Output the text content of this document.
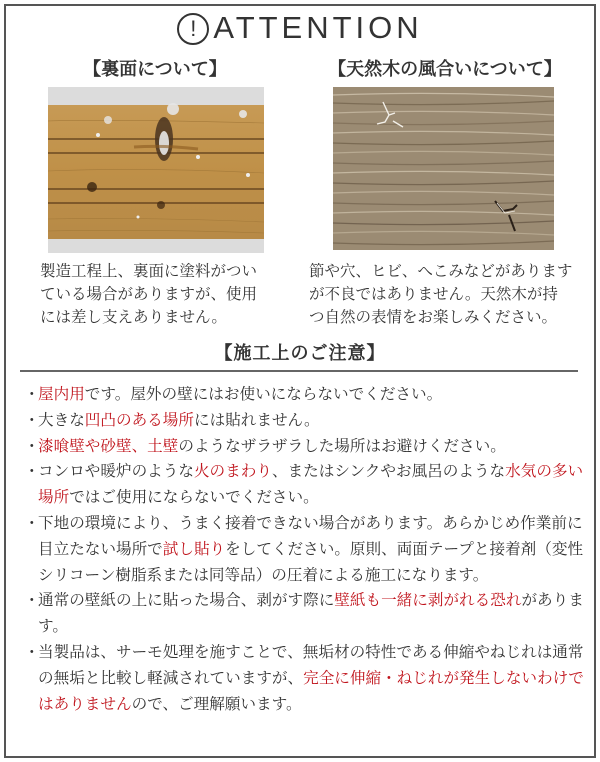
! ATTENTION
【裏面について】	【天然木の風合いについて】
製造工程上、裏面に塗料がつい
ている場合がありますが、使用
には差し支えありません。
節や穴、ヒビ、へこみなどがあります
が不良ではありません。天然木が持
つ自然の表情をお楽しみください。
【施工上のご注意】
・
屋内用です。屋外の壁にはお使いにならないでください。
・
大きな凹凸のある場所には貼れません。
・
漆喰壁や砂壁、土壁のようなザラザラした場所はお避けください。
・
コンロや暖炉のような火のまわり、またはシンクやお風呂のような水気の多い場所ではご使用にならないでください。
・
下地の環境により、うまく接着できない場合があります。あらかじめ作業前に目立たない場所で試し貼りをしてください。原則、両面テープと接着剤（変性シリコーン樹脂系または同等品）の圧着による施工になります。
・
通常の壁紙の上に貼った場合、剥がす際に壁紙も一緒に剥がれる恐れがあります。
・
当製品は、サーモ処理を施すことで、無垢材の特性である伸縮やねじれは通常の無垢と比較し軽減されていますが、完全に伸縮・ねじれが発生しないわけではありませんので、ご理解願います。
